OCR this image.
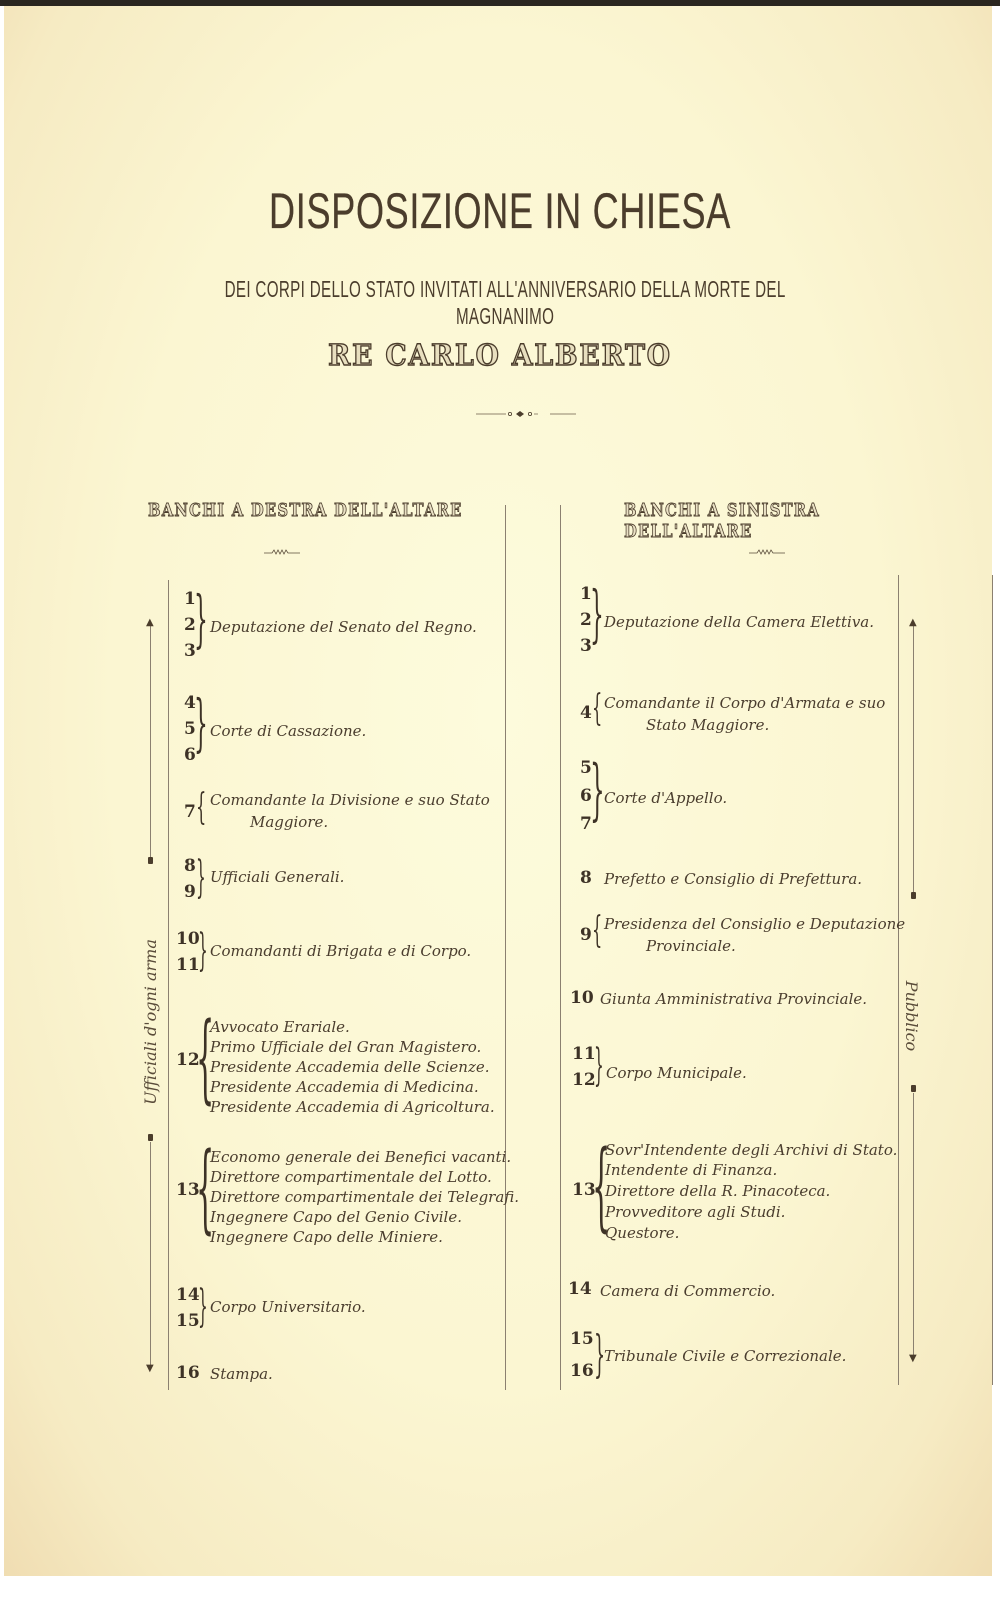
DISPOSIZIONE IN CHIESA
DEI CORPI DELLO STATO INVITATI ALL'ANNIVERSARIO DELLA MORTE DEL MAGNANIMO
RE CARLO ALBERTO
BANCHI A DESTRA DELL'ALTARE	BANCHI A SINISTRA DELL'ALTARE
▲
Ufficiali d'ogni arma
▼
▲
Pubblico
▼
1
2
3
} Deputazione del Senato del Regno.
4
5
6
} Corte di Cassazione.
7 { Comandante la Divisione e suo Stato
Maggiore.
8
9 } Ufficiali Generali.
10
11
} Comandanti di Brigata e di Corpo.
12
{
Avvocato Erariale.
Primo Ufficiale del Gran Magistero.
Presidente Accademia delle Scienze.
Presidente Accademia di Medicina.
Presidente Accademia di Agricoltura.
13
{
Economo generale dei Benefici vacanti.
Direttore compartimentale del Lotto.
Direttore compartimentale dei Telegrafi.
Ingegnere Capo del Genio Civile.
Ingegnere Capo delle Miniere.
14
15
} Corpo Universitario.
16 Stampa.
1
2
3
} Deputazione della Camera Elettiva.
4 { Comandante il Corpo d'Armata e suo
Stato Maggiore.
5
6
7
} Corte d'Appello.
8 Prefetto e Consiglio di Prefettura.
9 { Presidenza del Consiglio e Deputazione
Provinciale.
10 Giunta Amministrativa Provinciale.
11
12
} Corpo Municipale.
13
{
Sovr'Intendente degli Archivi di Stato.
Intendente di Finanza.
Direttore della R. Pinacoteca.
Provveditore agli Studi.
Questore.
14 Camera di Commercio.
15
16 }
Tribunale Civile e Correzionale.
